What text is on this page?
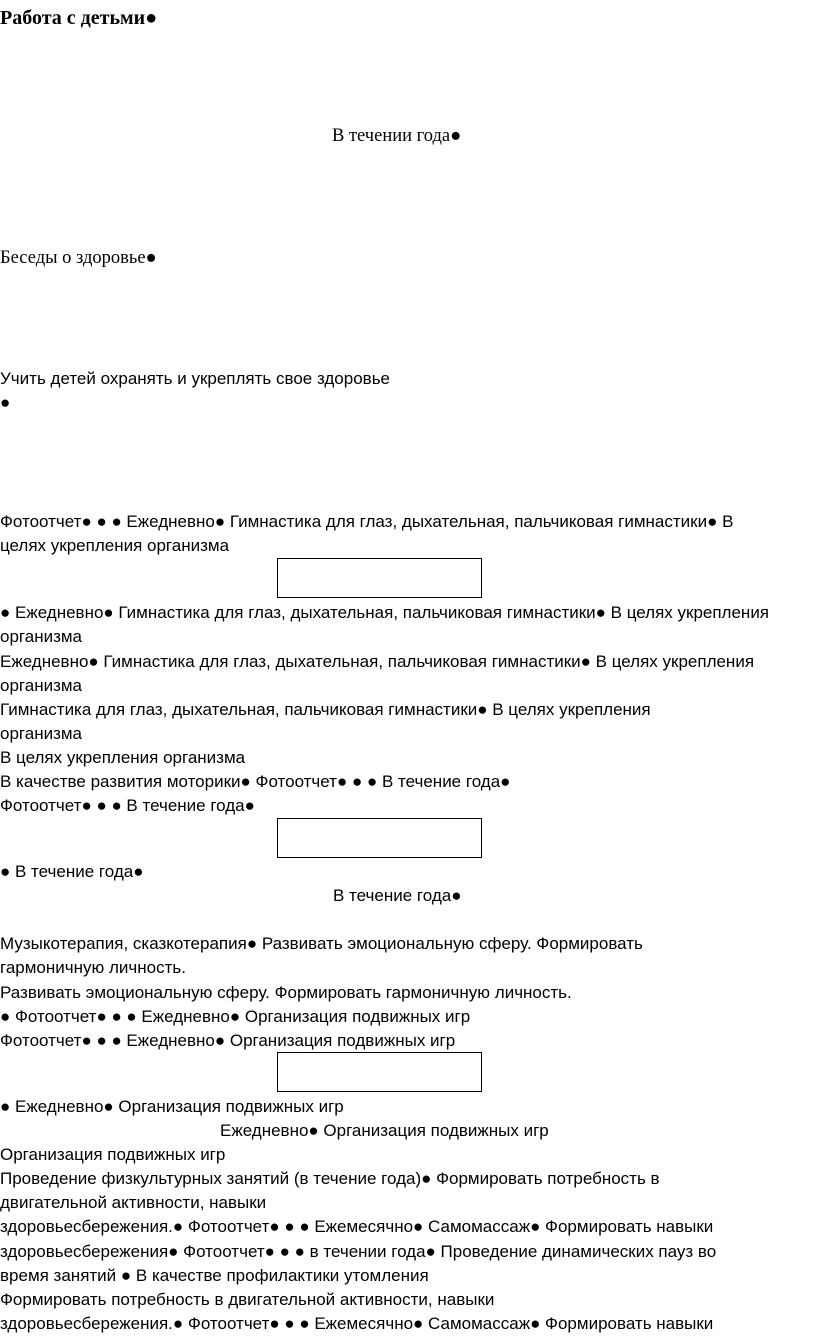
Работа с детьми●
В течении года●
Беседы о здоровье●
Учить детей охранять и укреплять свое здоровье
●
Фотоотчет● ● ● Ежедневно● Гимнастика для глаз, дыхательная, пальчиковая гимнастики● В
целях укрепления организма
● Ежедневно● Гимнастика для глаз, дыхательная, пальчиковая гимнастики● В целях укрепления
организма
Ежедневно● Гимнастика для глаз, дыхательная, пальчиковая гимнастики● В целях укрепления
организма
Гимнастика для глаз, дыхательная, пальчиковая гимнастики● В целях укрепления
организма
В целях укрепления организма
В качестве развития моторики● Фотоотчет● ● ● В течение года●
Фотоотчет● ● ● В течение года●
● В течение года●
В течение года●
Музыкотерапия, сказкотерапия● Развивать эмоциональную сферу. Формировать
гармоничную личность.
Развивать эмоциональную сферу. Формировать гармоничную личность.
● Фотоотчет● ● ● Ежедневно● Организация подвижных игр
Фотоотчет● ● ● Ежедневно● Организация подвижных игр
● Ежедневно● Организация подвижных игр
Ежедневно● Организация подвижных игр
Организация подвижных игр
Проведение физкультурных занятий (в течение года)● Формировать потребность в
двигательной активности, навыки
здоровьесбережения.● Фотоотчет● ● ● Ежемесячно● Самомассаж● Формировать навыки
здоровьесбережения● Фотоотчет● ● ● в течении года● Проведение динамических пауз во
время занятий ● В качестве профилактики утомления
Формировать потребность в двигательной активности, навыки
здоровьесбережения.● Фотоотчет● ● ● Ежемесячно● Самомассаж● Формировать навыки
